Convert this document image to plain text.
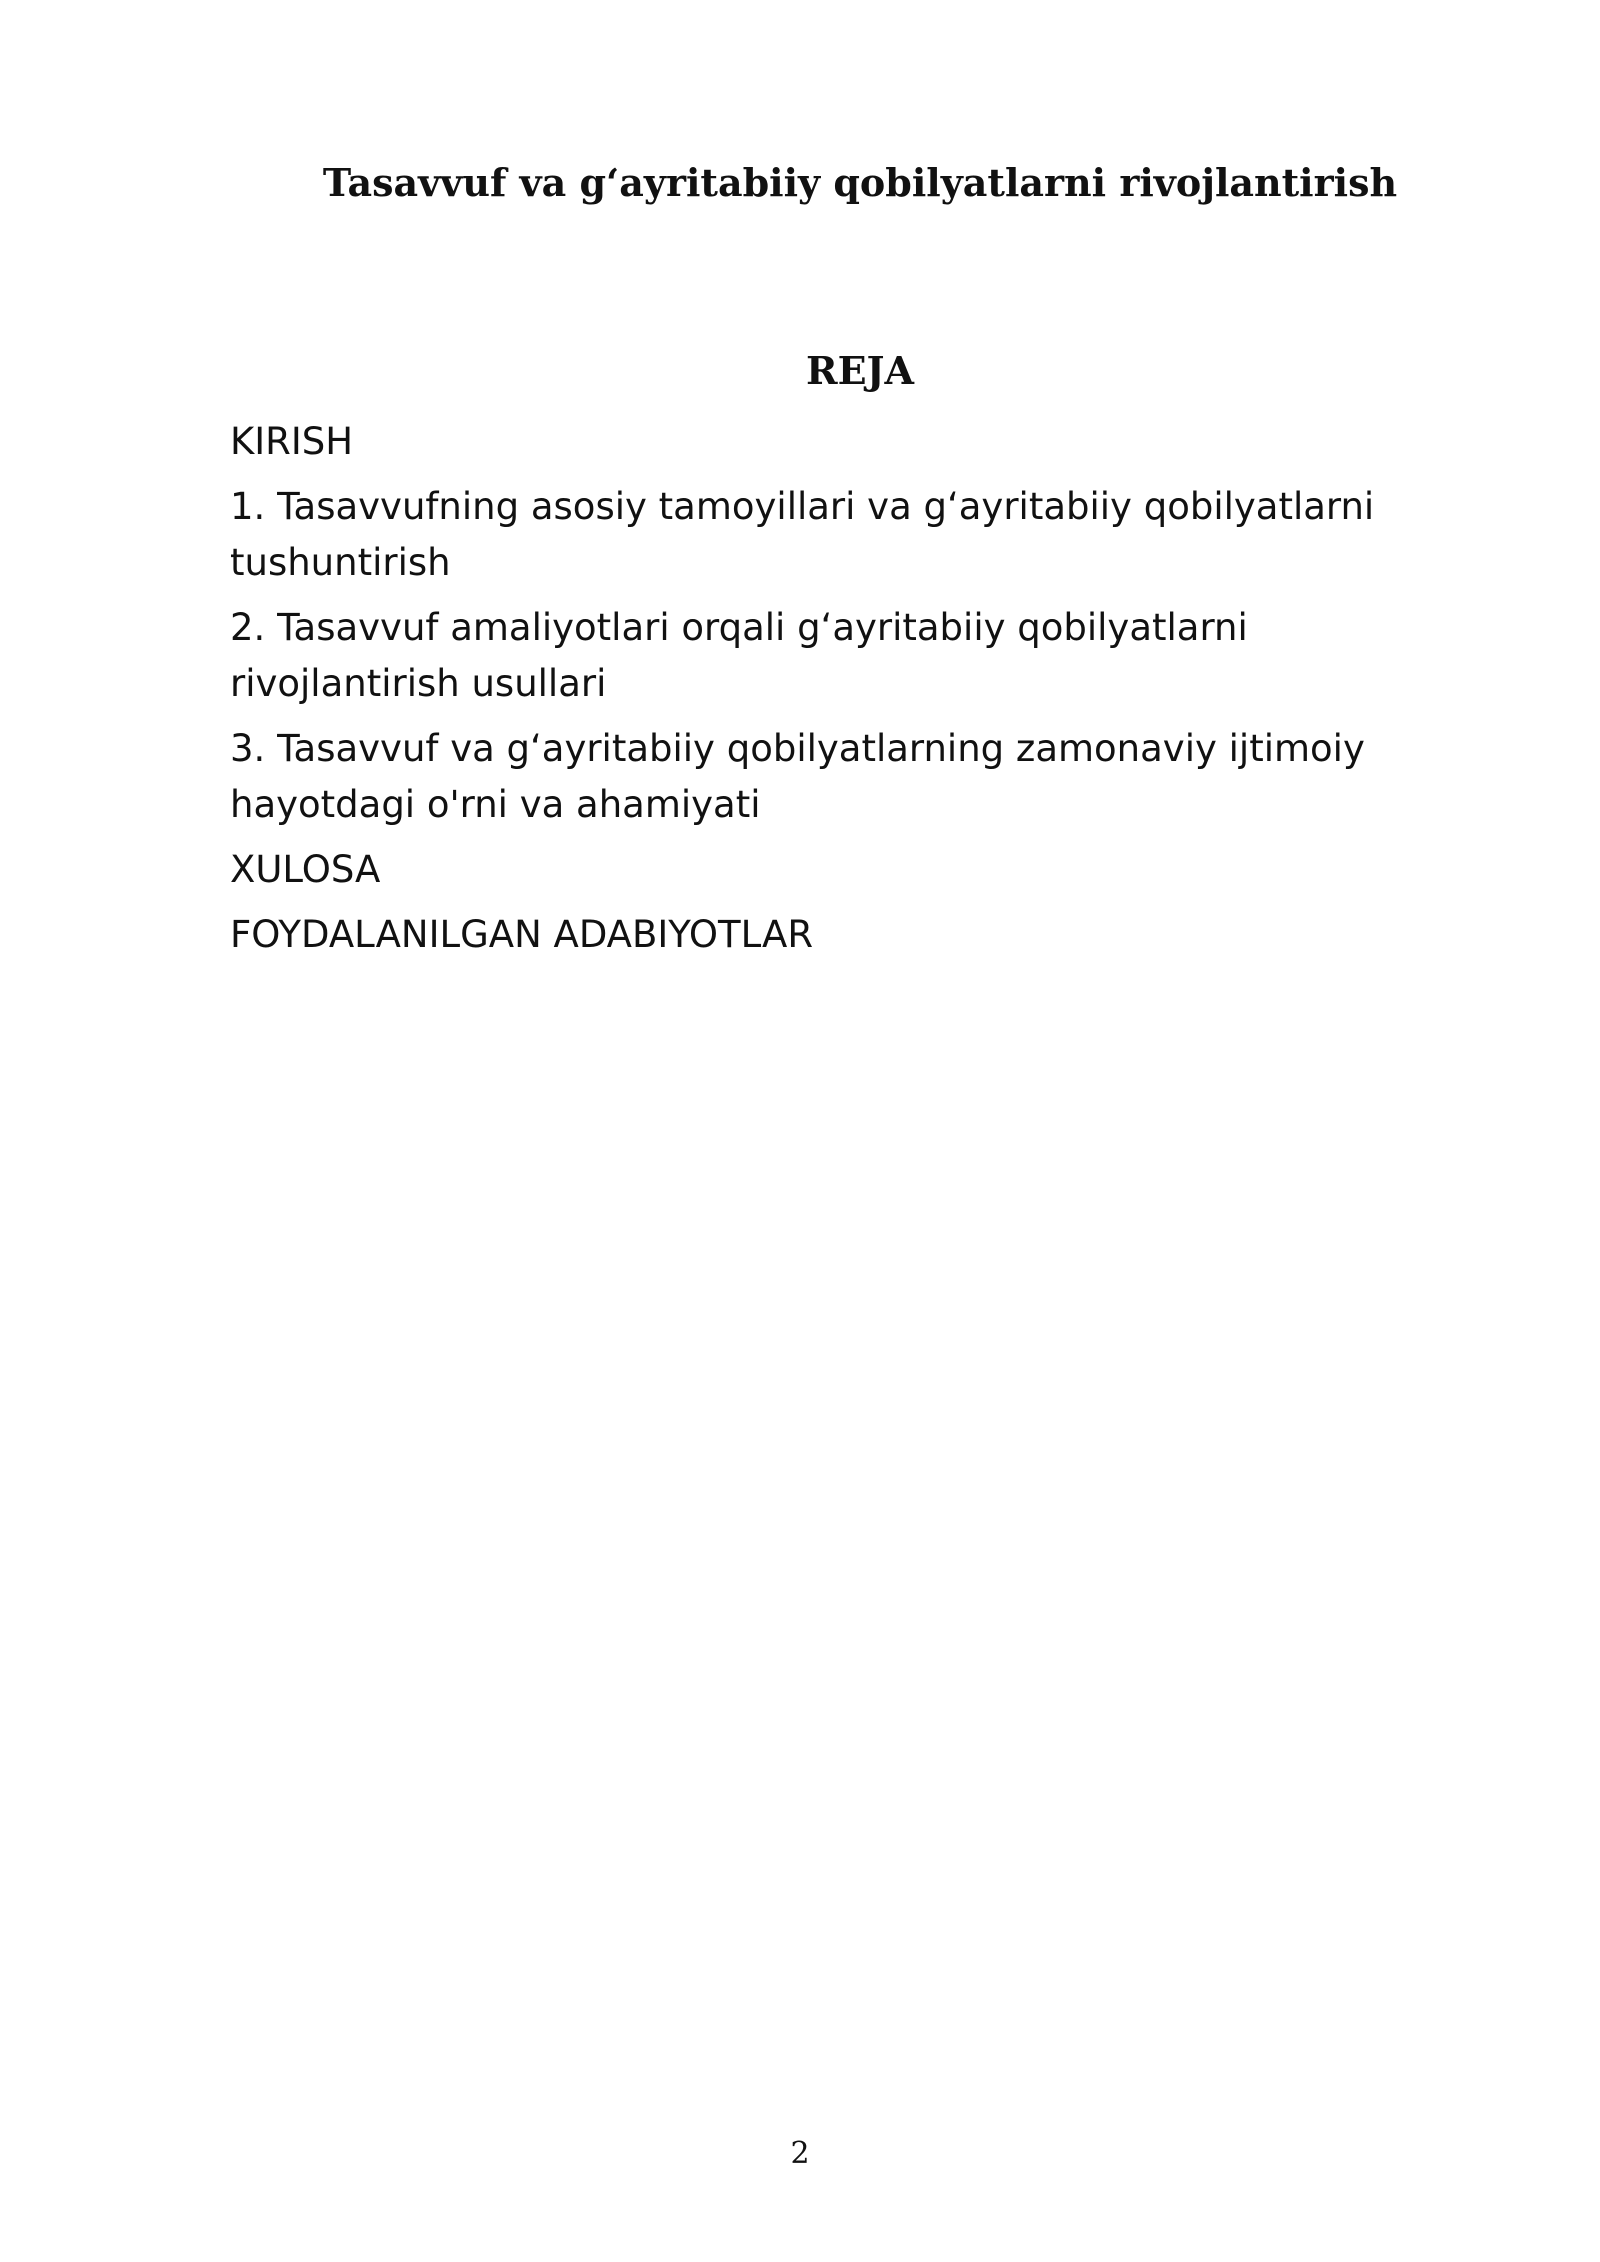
Tasavvuf va g‘ayritabiiy qobilyatlarni rivojlantirish
REJA
KIRISH
1. Tasavvufning asosiy tamoyillari va g‘ayritabiiy qobilyatlarni tushuntirish
2. Tasavvuf amaliyotlari orqali g‘ayritabiiy qobilyatlarni rivojlantirish usullari
3. Tasavvuf va g‘ayritabiiy qobilyatlarning zamonaviy ijtimoiy hayotdagi o'rni va ahamiyati
XULOSA
FOYDALANILGAN ADABIYOTLAR
2
